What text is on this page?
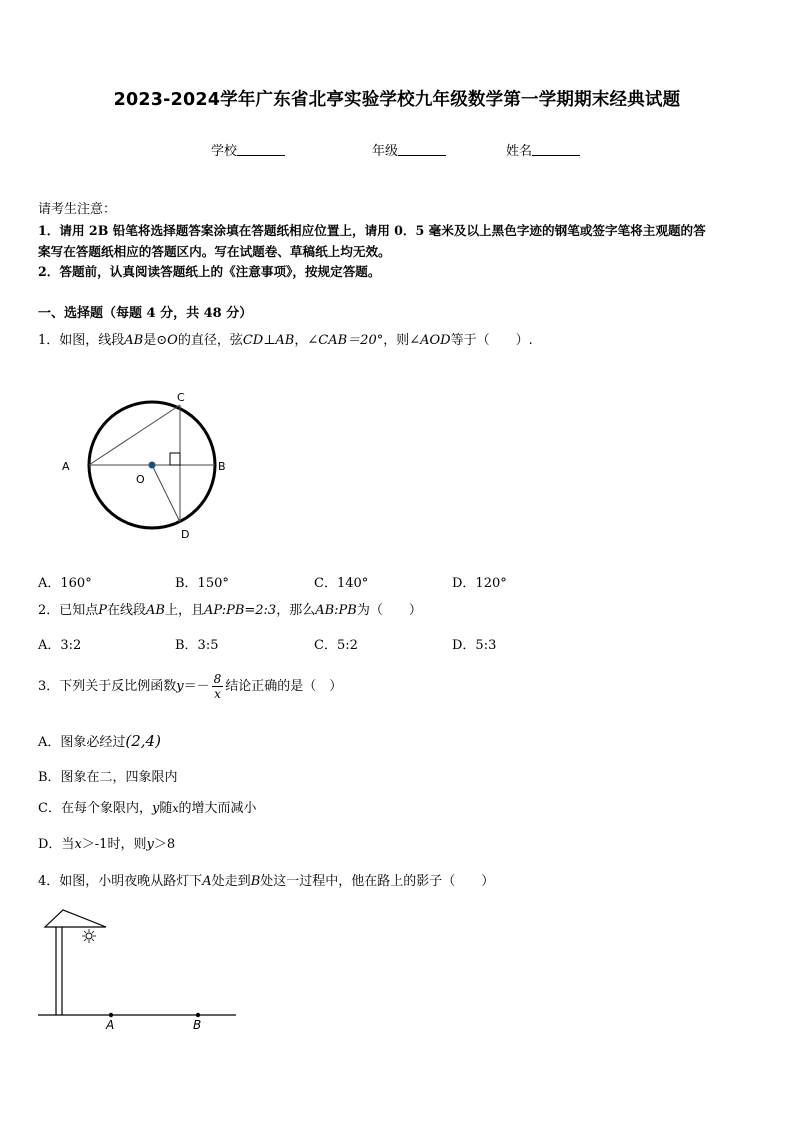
2023-2024学年广东省北亭实验学校九年级数学第一学期期末经典试题
学校	年级	姓名
请考生注意：
1．请用 2B 铅笔将选择题答案涂填在答题纸相应位置上，请用 0．5 毫米及以上黑色字迹的钢笔或签字笔将主观题的答
案写在答题纸相应的答题区内。写在试题卷、草稿纸上均无效。
2．答题前，认真阅读答题纸上的《注意事项》，按规定答题。
一、选择题（每题 4 分，共 48 分）
1．如图，线段AB是⊙O的直径，弦CD⊥AB，∠CAB＝20°，则∠AOD等于（　　）.
A	B
C
D
O
A．160°	B．150°	C．140°	D．120°
2．已知点P在线段AB上，且AP:PB=2:3，那么AB:PB为（　　）
A．3:2	B．3:5	C．5:2	D．5:3
3．下列关于反比例函数$y=- \frac{8}{x}$ 结论正确的是（　）
A．图象必经过(2,4)
B．图象在二，四象限内
C．在每个象限内，y随x的增大而减小
D．当x＞-1时，则y＞8
4．如图，小明夜晚从路灯下A处走到B处这一过程中，他在路上的影子（　　）
A	B
